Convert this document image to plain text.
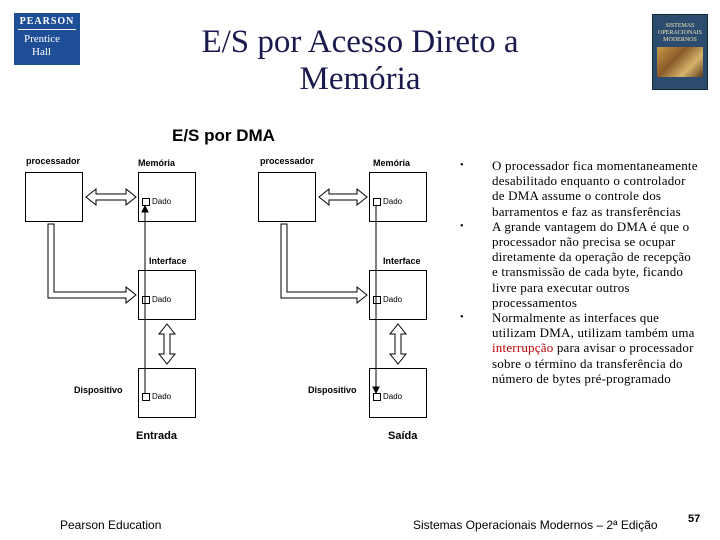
PEARSON
Prentice
Hall
SISTEMAS OPERACIONAIS MODERNOS
E/S por Acesso Direto a
Memória
E/S por DMA
processador	Memória
Dado
Interface
Dado
Dispositivo
Dado
Entrada
processador	Memória
Dado
Interface
Dado
Dispositivo
Dado
Saída
• O processador fica momentaneamente desabilitado enquanto o controlador de DMA assume o controle dos barramentos e faz as transferências
• A grande vantagem do DMA é que o processador não precisa se ocupar diretamente da operação de recepção e transmissão de cada byte, ficando livre para executar outros processamentos
• Normalmente as interfaces que utilizam DMA, utilizam também uma interrupção para avisar o processador sobre o término da transferência do número de bytes pré-programado
Pearson Education	Sistemas Operacionais Modernos – 2ª Edição	57
